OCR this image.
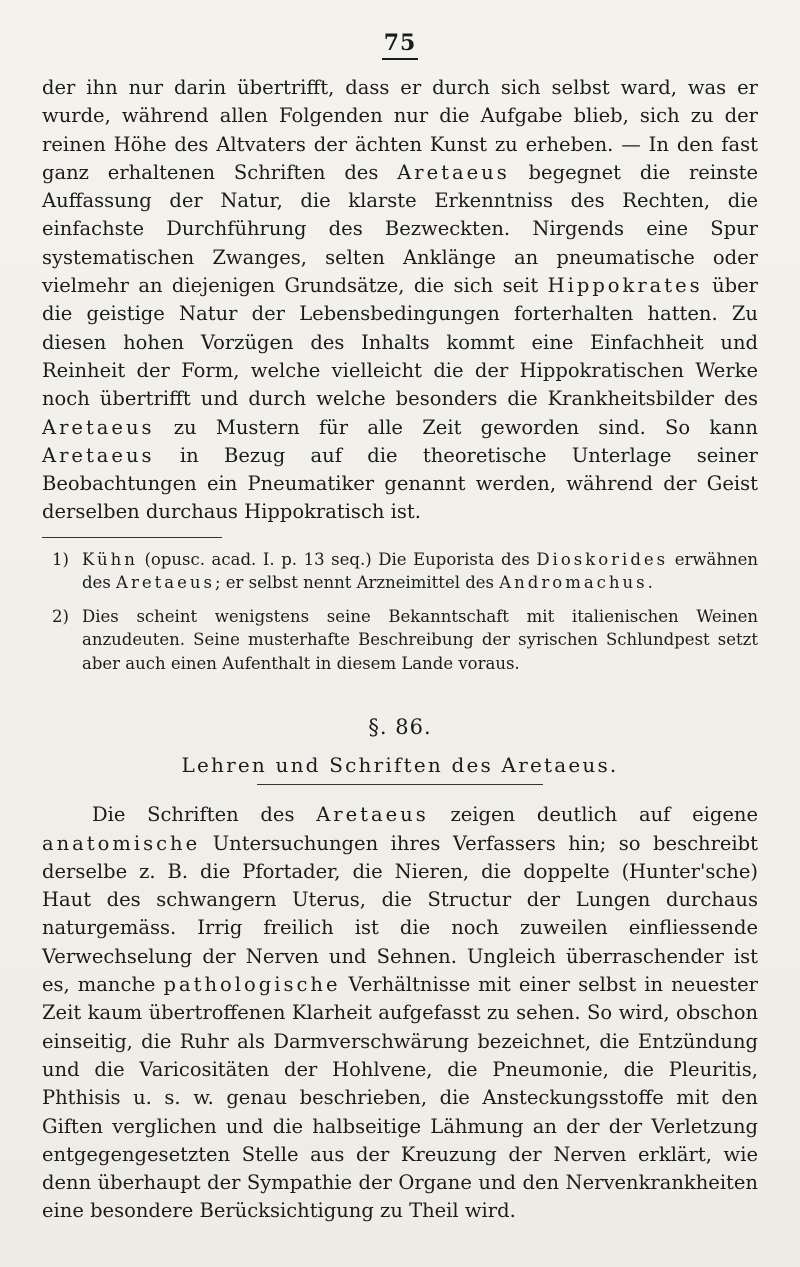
75

der ihn nur darin übertrifft, dass er durch sich selbst ward, was er wurde, während allen Folgenden nur die Aufgabe blieb, sich zu der reinen Höhe des Altvaters der ächten Kunst zu erheben. — In den fast ganz erhaltenen Schriften des Aretaeus begegnet die reinste Auffassung der Natur, die klarste Erkenntniss des Rechten, die einfachste Durchführung des Bezweckten. Nirgends eine Spur systematischen Zwanges, selten Anklänge an pneumatische oder vielmehr an diejenigen Grundsätze, die sich seit Hippokrates über die geistige Natur der Lebensbedingungen forterhalten hatten. Zu diesen hohen Vorzügen des Inhalts kommt eine Einfachheit und Reinheit der Form, welche vielleicht die der Hippokratischen Werke noch übertrifft und durch welche besonders die Krankheitsbilder des Aretaeus zu Mustern für alle Zeit geworden sind. So kann Aretaeus in Bezug auf die theoretische Unterlage seiner Beobachtungen ein Pneumatiker genannt werden, während der Geist derselben durchaus Hippokratisch ist.

1) Kühn (opusc. acad. I. p. 13 seq.) Die Euporista des Dioskorides erwähnen des Aretaeus; er selbst nennt Arzneimittel des Andromachus.

2) Dies scheint wenigstens seine Bekanntschaft mit italienischen Weinen anzudeuten. Seine musterhafte Beschreibung der syrischen Schlundpest setzt aber auch einen Aufenthalt in diesem Lande voraus.

§. 86.
Lehren und Schriften des Aretaeus.

Die Schriften des Aretaeus zeigen deutlich auf eigene anatomische Untersuchungen ihres Verfassers hin; so beschreibt derselbe z. B. die Pfortader, die Nieren, die doppelte (Hunter'sche) Haut des schwangern Uterus, die Structur der Lungen durchaus naturgemäss. Irrig freilich ist die noch zuweilen einfliessende Verwechselung der Nerven und Sehnen. Ungleich überraschender ist es, manche pathologische Verhältnisse mit einer selbst in neuester Zeit kaum übertroffenen Klarheit aufgefasst zu sehen. So wird, obschon einseitig, die Ruhr als Darmverschwärung bezeichnet, die Entzündung und die Varicositäten der Hohlvene, die Pneumonie, die Pleuritis, Phthisis u. s. w. genau beschrieben, die Ansteckungsstoffe mit den Giften verglichen und die halbseitige Lähmung an der der Verletzung entgegengesetzten Stelle aus der Kreuzung der Nerven erklärt, wie denn überhaupt der Sympathie der Organe und den Nervenkrankheiten eine besondere Berücksichtigung zu Theil wird.
